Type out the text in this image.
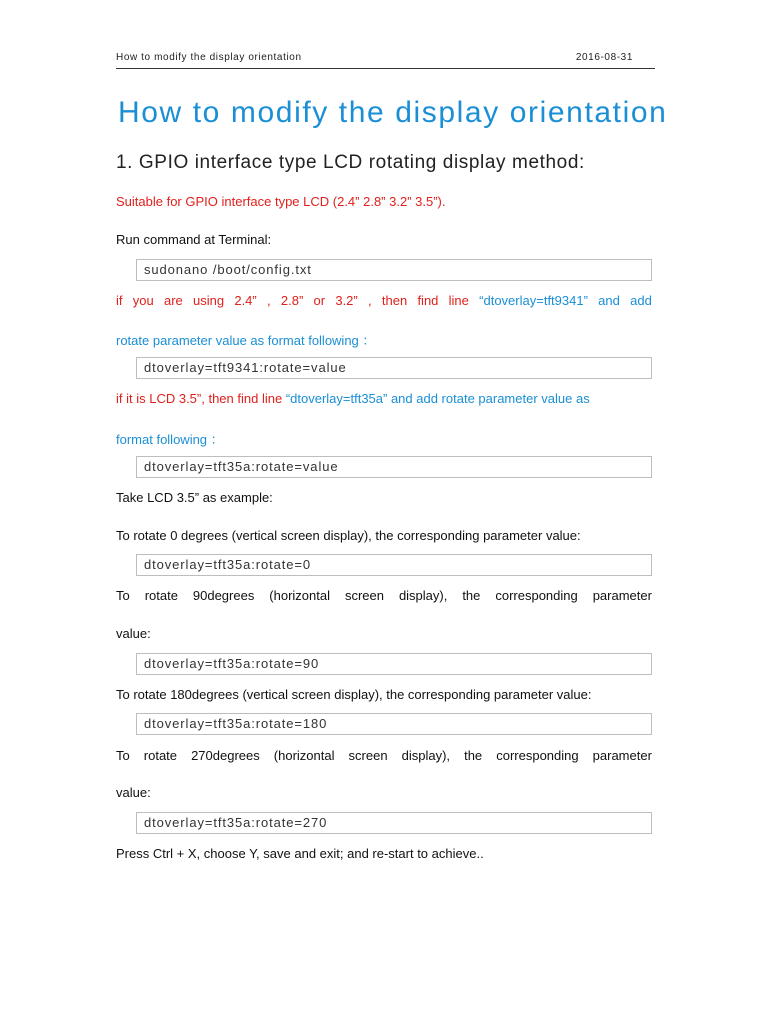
How to modify the display orientation	2016-08-31
How to modify the display orientation
1. GPIO interface type LCD rotating display method:
Suitable for GPIO interface type LCD (2.4” 2.8” 3.2” 3.5”).
Run command at Terminal:
sudonano /boot/config.txt
if you are using 2.4” , 2.8” or 3.2” , then find line “dtoverlay=tft9341” and add
rotate parameter value as format following ：
dtoverlay=tft9341:rotate=value
if it is LCD 3.5”, then find line “dtoverlay=tft35a” and add rotate parameter value as
format following ：
dtoverlay=tft35a:rotate=value
Take LCD 3.5” as example:
To rotate 0 degrees (vertical screen display), the corresponding parameter value:
dtoverlay=tft35a:rotate=0
To rotate 90degrees (horizontal screen display), the corresponding parameter
value:
dtoverlay=tft35a:rotate=90
To rotate 180degrees (vertical screen display), the corresponding parameter value:
dtoverlay=tft35a:rotate=180
To rotate 270degrees (horizontal screen display), the corresponding parameter
value:
dtoverlay=tft35a:rotate=270
Press Ctrl + X, choose Y, save and exit; and re-start to achieve..
